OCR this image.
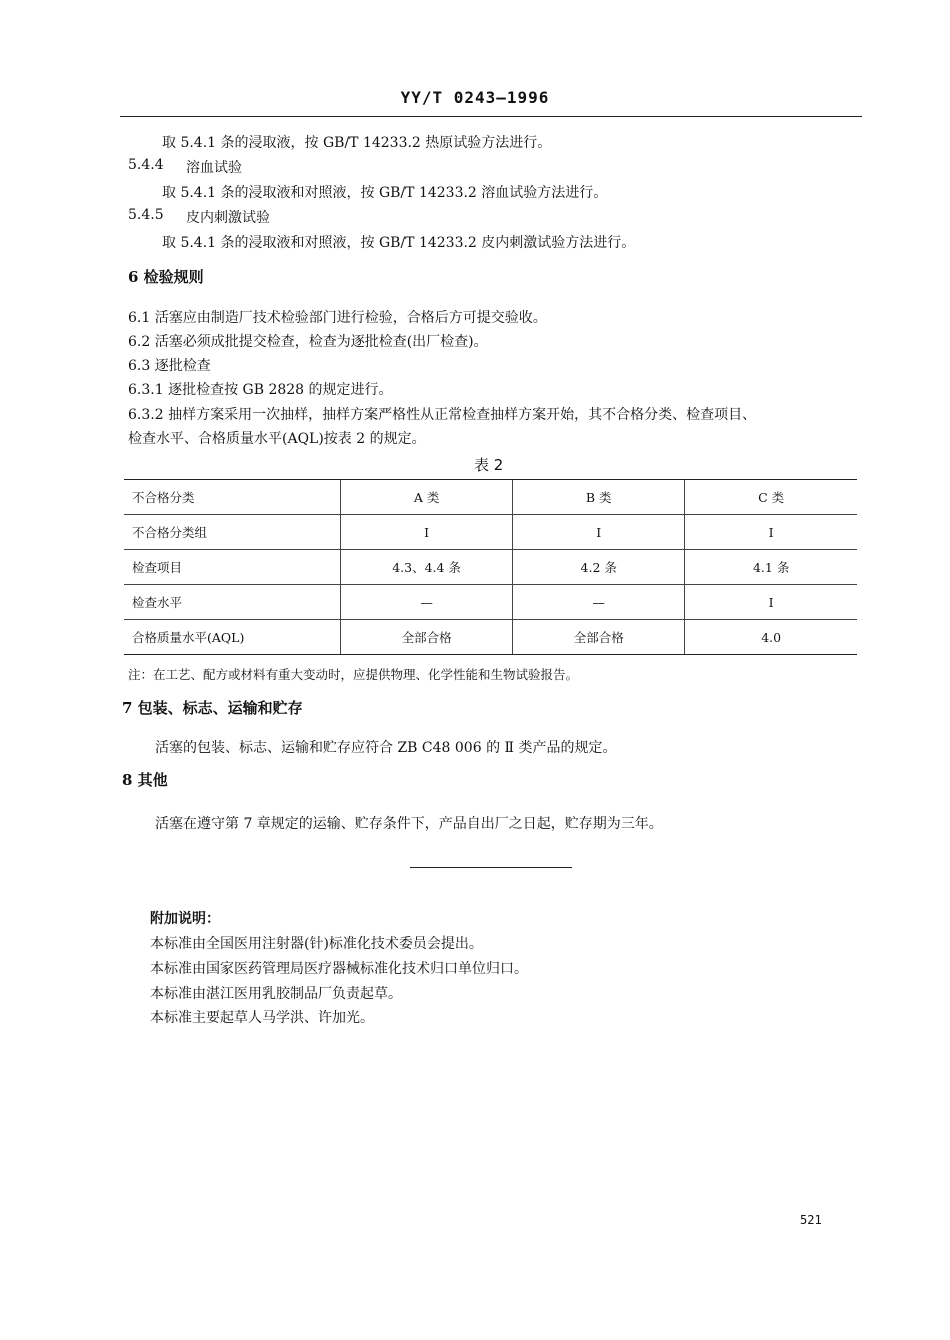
YY/T 0243—1996
取 5.4.1 条的浸取液，按 GB/T 14233.2 热原试验方法进行。
5.4.4 溶血试验
取 5.4.1 条的浸取液和对照液，按 GB/T 14233.2 溶血试验方法进行。
5.4.5 皮内刺激试验
取 5.4.1 条的浸取液和对照液，按 GB/T 14233.2 皮内刺激试验方法进行。
6 检验规则
6.1 活塞应由制造厂技术检验部门进行检验，合格后方可提交验收。
6.2 活塞必须成批提交检查，检查为逐批检查(出厂检查)。
6.3 逐批检查
6.3.1 逐批检查按 GB 2828 的规定进行。
6.3.2 抽样方案采用一次抽样，抽样方案严格性从正常检查抽样方案开始，其不合格分类、检查项目、
检查水平、合格质量水平(AQL)按表 2 的规定。
表 2
不合格分类	A 类	B 类	C 类
不合格分类组	I	I	I
检查项目	4.3、4.4 条	4.2 条	4.1 条
检查水平	—	—	I
合格质量水平(AQL)	全部合格	全部合格	4.0
注：在工艺、配方或材料有重大变动时，应提供物理、化学性能和生物试验报告。
7 包装、标志、运输和贮存
活塞的包装、标志、运输和贮存应符合 ZB C48 006 的 Ⅱ 类产品的规定。
8 其他
活塞在遵守第 7 章规定的运输、贮存条件下，产品自出厂之日起，贮存期为三年。
附加说明：
本标准由全国医用注射器(针)标准化技术委员会提出。
本标准由国家医药管理局医疗器械标准化技术归口单位归口。
本标准由湛江医用乳胶制品厂负责起草。
本标准主要起草人马学洪、许加光。
521
